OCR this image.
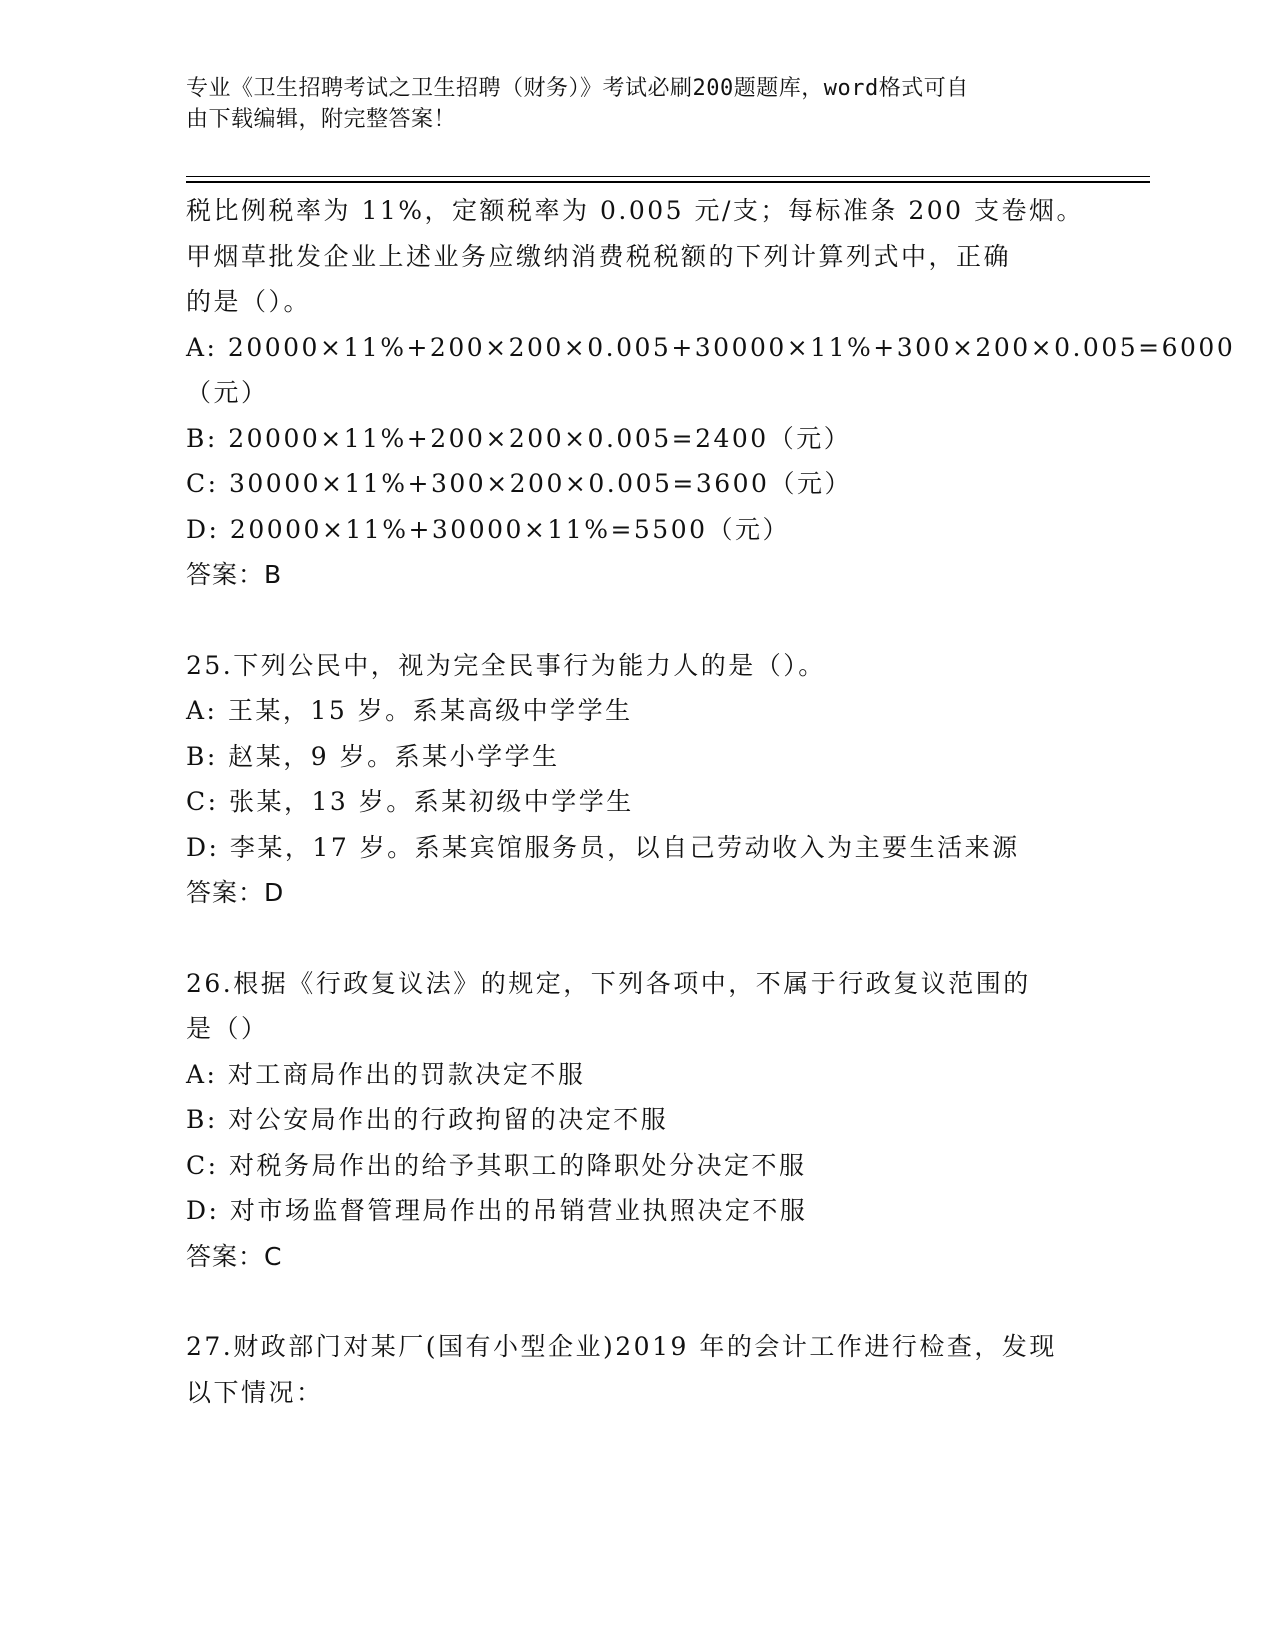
专业《卫生招聘考试之卫生招聘（财务）》考试必刷200题题库，word格式可自
由下载编辑，附完整答案！

税比例税率为 11%，定额税率为 0.005 元/支；每标准条 200 支卷烟。

甲烟草批发企业上述业务应缴纳消费税税额的下列计算列式中，正确

的是（）。

A: 20000×11%+200×200×0.005+30000×11%+300×200×0.005=6000

（元）

B: 20000×11%+200×200×0.005=2400（元）

C: 30000×11%+300×200×0.005=3600（元）

D: 20000×11%+30000×11%=5500（元）

答案：B

25.下列公民中，视为完全民事行为能力人的是（）。

A: 王某，15 岁。系某高级中学学生

B: 赵某，9 岁。系某小学学生

C: 张某，13 岁。系某初级中学学生

D: 李某，17 岁。系某宾馆服务员，以自己劳动收入为主要生活来源

答案：D

26.根据《行政复议法》的规定，下列各项中，不属于行政复议范围的

是（）

A: 对工商局作出的罚款决定不服

B: 对公安局作出的行政拘留的决定不服

C: 对税务局作出的给予其职工的降职处分决定不服

D: 对市场监督管理局作出的吊销营业执照决定不服

答案：C

27.财政部门对某厂(国有小型企业)2019 年的会计工作进行检查，发现

以下情况：
